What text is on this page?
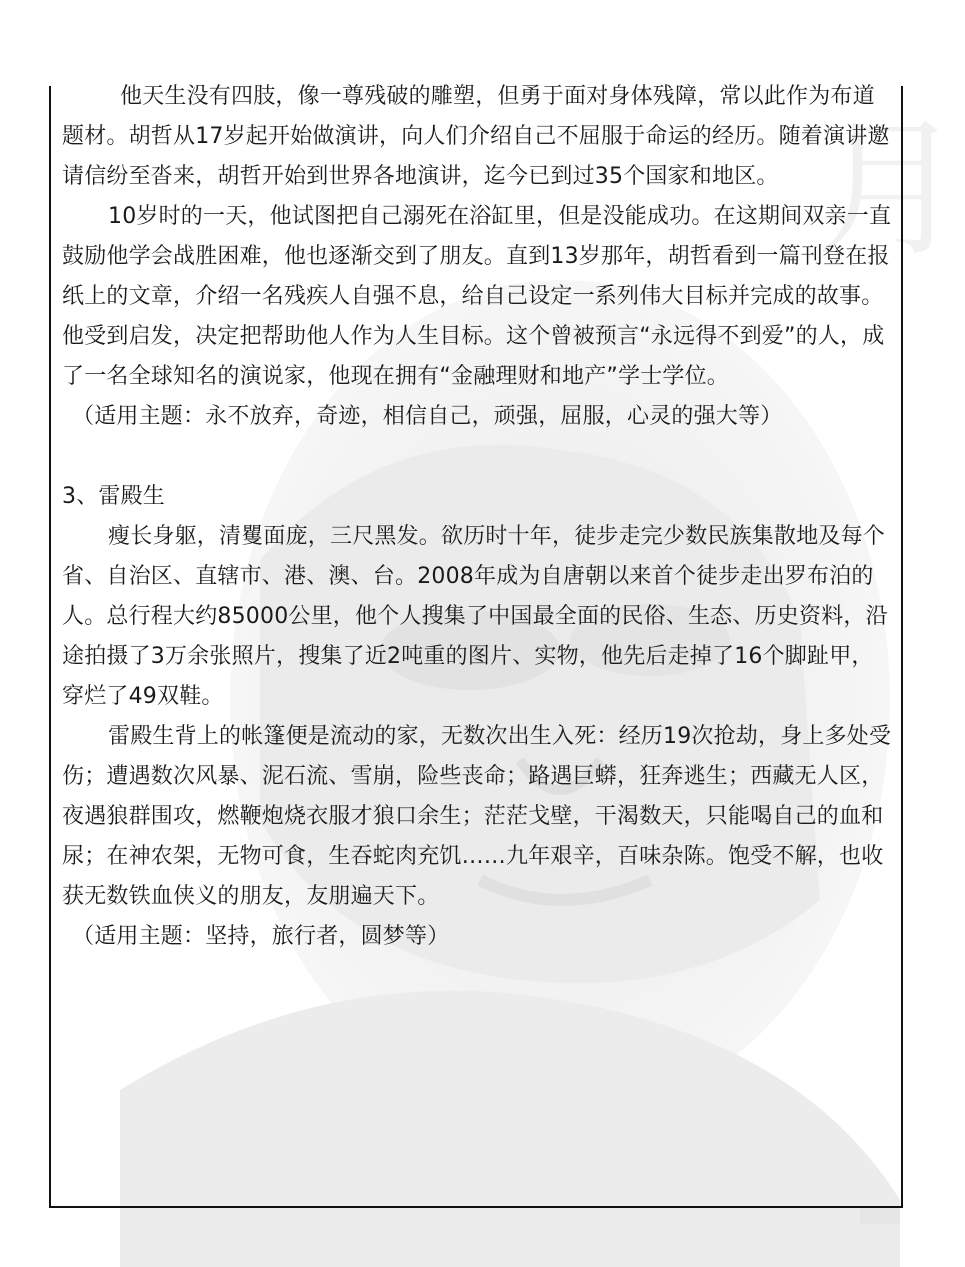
月

他天生没有四肢，像一尊残破的雕塑，但勇于面对身体残障，常以此作为布道题材。胡哲从17岁起开始做演讲，向人们介绍自己不屈服于命运的经历。随着演讲邀请信纷至沓来，胡哲开始到世界各地演讲，迄今已到过35个国家和地区。

10岁时的一天，他试图把自己溺死在浴缸里，但是没能成功。在这期间双亲一直鼓励他学会战胜困难，他也逐渐交到了朋友。直到13岁那年，胡哲看到一篇刊登在报纸上的文章，介绍一名残疾人自强不息，给自己设定一系列伟大目标并完成的故事。他受到启发，决定把帮助他人作为人生目标。这个曾被预言“永远得不到爱”的人，成了一名全球知名的演说家，他现在拥有“金融理财和地产”学士学位。

（适用主题：永不放弃，奇迹，相信自己，顽强，屈服，心灵的强大等）

3、雷殿生

瘦长身躯，清矍面庞，三尺黑发。欲历时十年，徒步走完少数民族集散地及每个省、自治区、直辖市、港、澳、台。2008年成为自唐朝以来首个徒步走出罗布泊的人。总行程大约85000公里，他个人搜集了中国最全面的民俗、生态、历史资料，沿途拍摄了3万余张照片，搜集了近2吨重的图片、实物，他先后走掉了16个脚趾甲，穿烂了49双鞋。

雷殿生背上的帐篷便是流动的家，无数次出生入死：经历19次抢劫，身上多处受伤；遭遇数次风暴、泥石流、雪崩，险些丧命；路遇巨蟒，狂奔逃生；西藏无人区，夜遇狼群围攻，燃鞭炮烧衣服才狼口余生；茫茫戈壁，干渴数天，只能喝自己的血和尿；在神农架，无物可食，生吞蛇肉充饥……九年艰辛，百味杂陈。饱受不解，也收获无数铁血侠义的朋友，友朋遍天下。

（适用主题：坚持，旅行者，圆梦等）
